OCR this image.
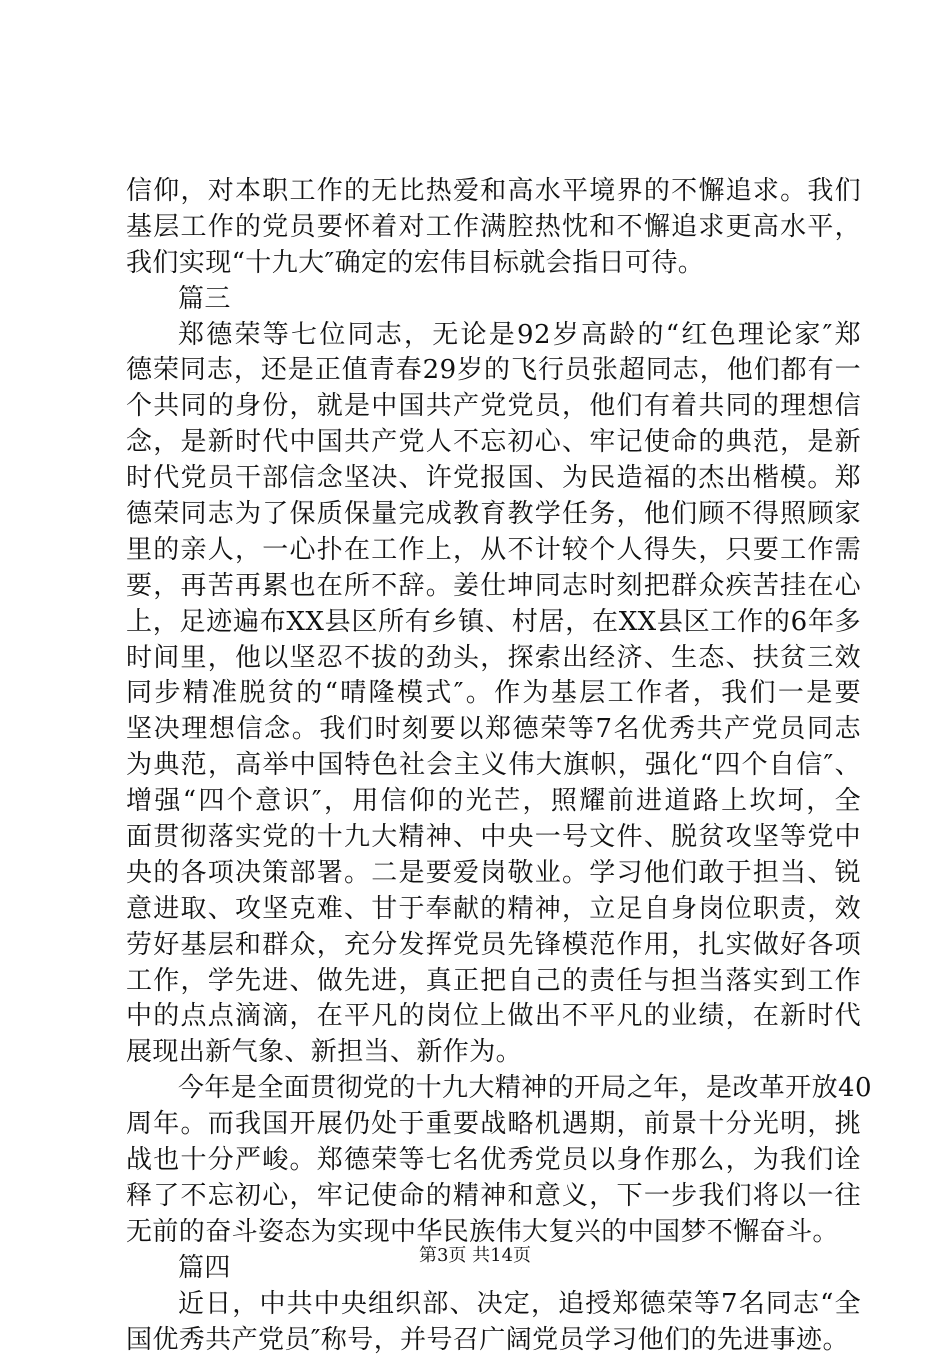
信仰，对本职工作的无比热爱和高水平境界的不懈追求。我们
基层工作的党员要怀着对工作满腔热忱和不懈追求更高水平，
我们实现“十九大″确定的宏伟目标就会指日可待。
篇三
郑德荣等七位同志，无论是92岁高龄的“红色理论家″郑
德荣同志，还是正值青春29岁的飞行员张超同志，他们都有一
个共同的身份，就是中国共产党党员，他们有着共同的理想信
念，是新时代中国共产党人不忘初心、牢记使命的典范，是新
时代党员干部信念坚决、许党报国、为民造福的杰出楷模。郑
德荣同志为了保质保量完成教育教学任务，他们顾不得照顾家
里的亲人，一心扑在工作上，从不计较个人得失，只要工作需
要，再苦再累也在所不辞。姜仕坤同志时刻把群众疾苦挂在心
上，足迹遍布XX县区所有乡镇、村居，在XX县区工作的6年多
时间里，他以坚忍不拔的劲头，探索出经济、生态、扶贫三效
同步精准脱贫的“晴隆模式″。作为基层工作者，我们一是要
坚决理想信念。我们时刻要以郑德荣等7名优秀共产党员同志
为典范，高举中国特色社会主义伟大旗帜，强化“四个自信″、
增强“四个意识″，用信仰的光芒，照耀前进道路上坎坷，全
面贯彻落实党的十九大精神、中央一号文件、脱贫攻坚等党中
央的各项决策部署。二是要爱岗敬业。学习他们敢于担当、锐
意进取、攻坚克难、甘于奉献的精神，立足自身岗位职责，效
劳好基层和群众，充分发挥党员先锋模范作用，扎实做好各项
工作，学先进、做先进，真正把自己的责任与担当落实到工作
中的点点滴滴，在平凡的岗位上做出不平凡的业绩，在新时代
展现出新气象、新担当、新作为。
今年是全面贯彻党的十九大精神的开局之年，是改革开放40
周年。而我国开展仍处于重要战略机遇期，前景十分光明，挑
战也十分严峻。郑德荣等七名优秀党员以身作那么，为我们诠
释了不忘初心，牢记使命的精神和意义，下一步我们将以一往
无前的奋斗姿态为实现中华民族伟大复兴的中国梦不懈奋斗。
篇四
近日，中共中央组织部、决定，追授郑德荣等7名同志“全
国优秀共产党员″称号，并号召广阔党员学习他们的先进事迹。
第3页 共14页
